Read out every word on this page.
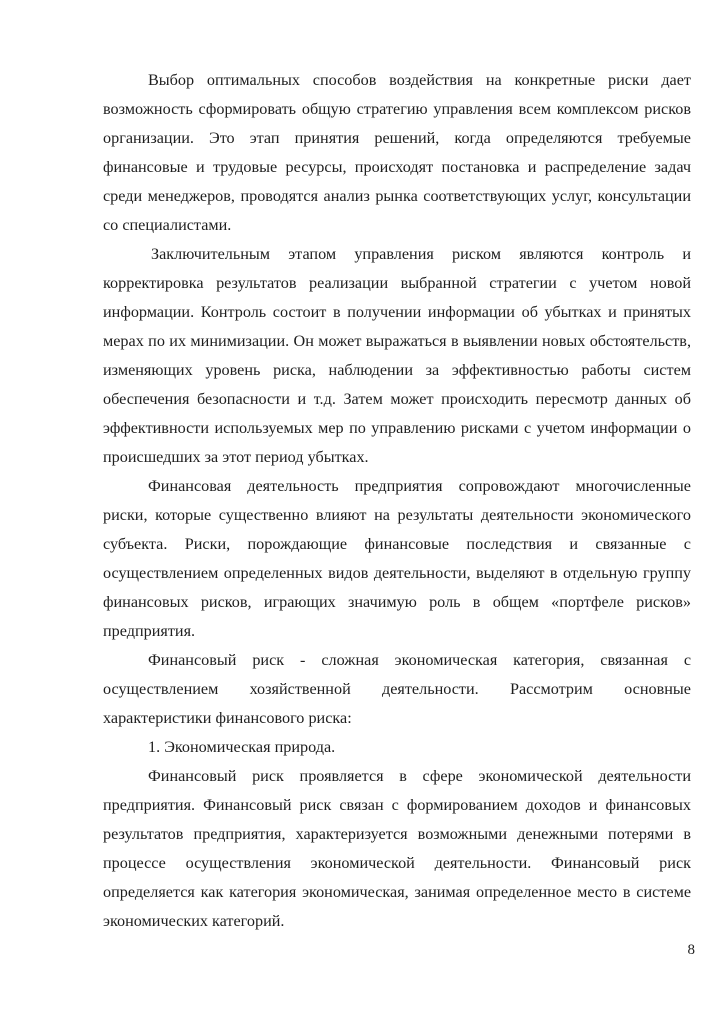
Выбор оптимальных способов воздействия на конкретные риски дает возможность сформировать общую стратегию управления всем комплексом рисков организации. Это этап принятия решений, когда определяются требуемые финансовые и трудовые ресурсы, происходят постановка и распределение задач среди менеджеров, проводятся анализ рынка соответствующих услуг, консультации со специалистами.

Заключительным этапом управления риском являются контроль и корректировка результатов реализации выбранной стратегии с учетом новой информации. Контроль состоит в получении информации об убытках и принятых мерах по их минимизации. Он может выражаться в выявлении новых обстоятельств, изменяющих уровень риска, наблюдении за эффективностью работы систем обеспечения безопасности и т.д. Затем может происходить пересмотр данных об эффективности используемых мер по управлению рисками с учетом информации о происшедших за этот период убытках.

Финансовая деятельность предприятия сопровождают многочисленные риски, которые существенно влияют на результаты деятельности экономического субъекта. Риски, порождающие финансовые последствия и связанные с осуществлением определенных видов деятельности, выделяют в отдельную группу финансовых рисков, играющих значимую роль в общем «портфеле рисков» предприятия.

Финансовый риск - сложная экономическая категория, связанная с осуществлением хозяйственной деятельности. Рассмотрим основные характеристики финансового риска:

1. Экономическая природа.

Финансовый риск проявляется в сфере экономической деятельности предприятия. Финансовый риск связан с формированием доходов и финансовых результатов предприятия, характеризуется возможными денежными потерями в процессе осуществления экономической деятельности. Финансовый риск определяется как категория экономическая, занимая определенное место в системе экономических категорий.

8
